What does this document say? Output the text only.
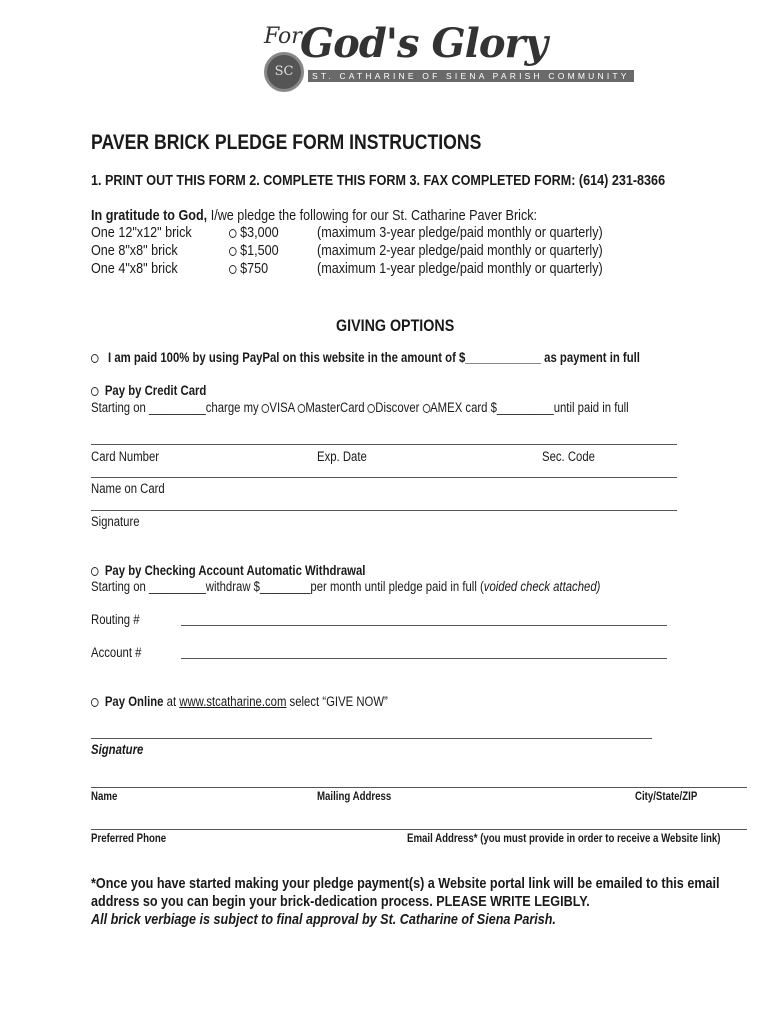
SC
For
God's Glory
ST. CATHARINE OF SIENA PARISH COMMUNITY
PAVER BRICK PLEDGE FORM INSTRUCTIONS
1. PRINT OUT THIS FORM 2. COMPLETE THIS FORM 3. FAX COMPLETED FORM: (614) 231-8366
In gratitude to God, I/we pledge the following for our St. Catharine Paver Brick:
One 12"x12" brick	$3,000	(maximum 3-year pledge/paid monthly or quarterly)
One 8"x8" brick	$1,500	(maximum 2-year pledge/paid monthly or quarterly)
One 4"x8" brick	$750	(maximum 1-year pledge/paid monthly or quarterly)
GIVING OPTIONS
I am paid 100% by using PayPal on this website in the amount of $____________ as payment in full
Pay by Credit Card
Starting on _________charge my VISA MasterCard Discover AMEX card $_________until paid in full
Card Number	Exp. Date	Sec. Code
Name on Card
Signature
Pay by Checking Account Automatic Withdrawal
Starting on _________withdraw $________per month until pledge paid in full (voided check attached)
Routing #
Account #
Pay Online at www.stcatharine.com select “GIVE NOW”
Signature
Name	Mailing Address	City/State/ZIP
Preferred Phone	Email Address* (you must provide in order to receive a Website link)
*Once you have started making your pledge payment(s) a Website portal link will be emailed to this email
address so you can begin your brick-dedication process. PLEASE WRITE LEGIBLY.
All brick verbiage is subject to final approval by St. Catharine of Siena Parish.
